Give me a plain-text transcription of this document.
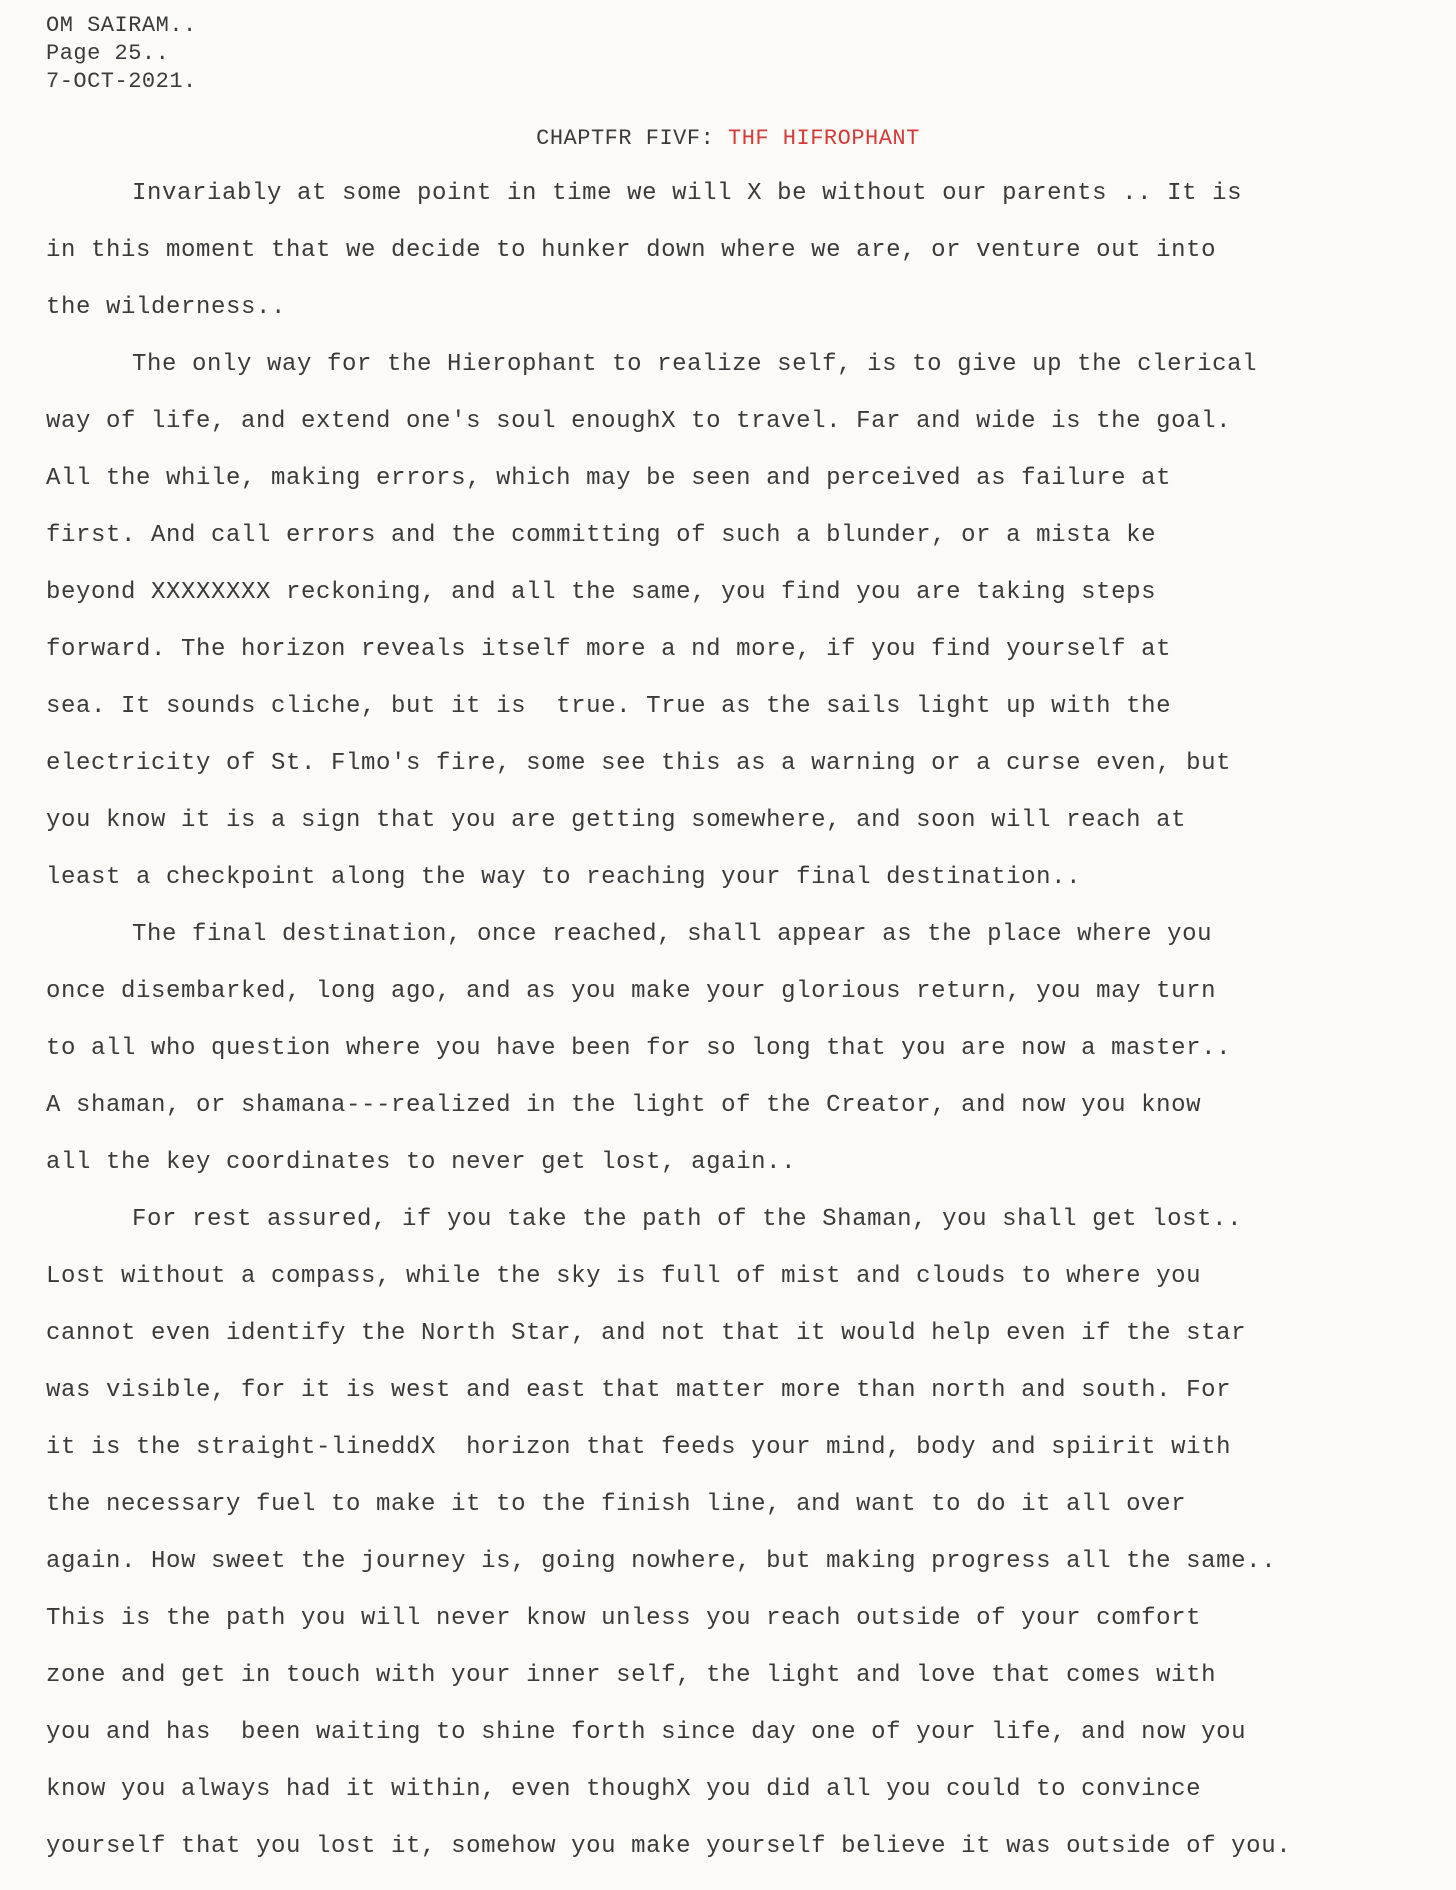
OM SAIRAM..
Page 25..
7-OCT-2021.
CHAPTFR FIVF: THF HIFROPHANT
Invariably at some point in time we will X be without our parents .. It is
in this moment that we decide to hunker down where we are, or venture out into
the wilderness..
The only way for the Hierophant to realize self, is to give up the clerical
way of life, and extend one's soul enoughX to travel. Far and wide is the goal.
All the while, making errors, which may be seen and perceived as failure at
first. And call errors and the committing of such a blunder, or a mista ke
beyond XXXXXXXX reckoning, and all the same, you find you are taking steps
forward. The horizon reveals itself more a nd more, if you find yourself at
sea. It sounds cliche, but it is  true. True as the sails light up with the
electricity of St. Flmo's fire, some see this as a warning or a curse even, but
you know it is a sign that you are getting somewhere, and soon will reach at
least a checkpoint along the way to reaching your final destination..
The final destination, once reached, shall appear as the place where you
once disembarked, long ago, and as you make your glorious return, you may turn
to all who question where you have been for so long that you are now a master..
A shaman, or shamana---realized in the light of the Creator, and now you know
all the key coordinates to never get lost, again..
For rest assured, if you take the path of the Shaman, you shall get lost..
Lost without a compass, while the sky is full of mist and clouds to where you
cannot even identify the North Star, and not that it would help even if the star
was visible, for it is west and east that matter more than north and south. For
it is the straight-lineddX  horizon that feeds your mind, body and spiirit with
the necessary fuel to make it to the finish line, and want to do it all over
again. How sweet the journey is, going nowhere, but making progress all the same..
This is the path you will never know unless you reach outside of your comfort
zone and get in touch with your inner self, the light and love that comes with
you and has  been waiting to shine forth since day one of your life, and now you
know you always had it within, even thoughX you did all you could to convince
yourself that you lost it, somehow you make yourself believe it was outside of you.
